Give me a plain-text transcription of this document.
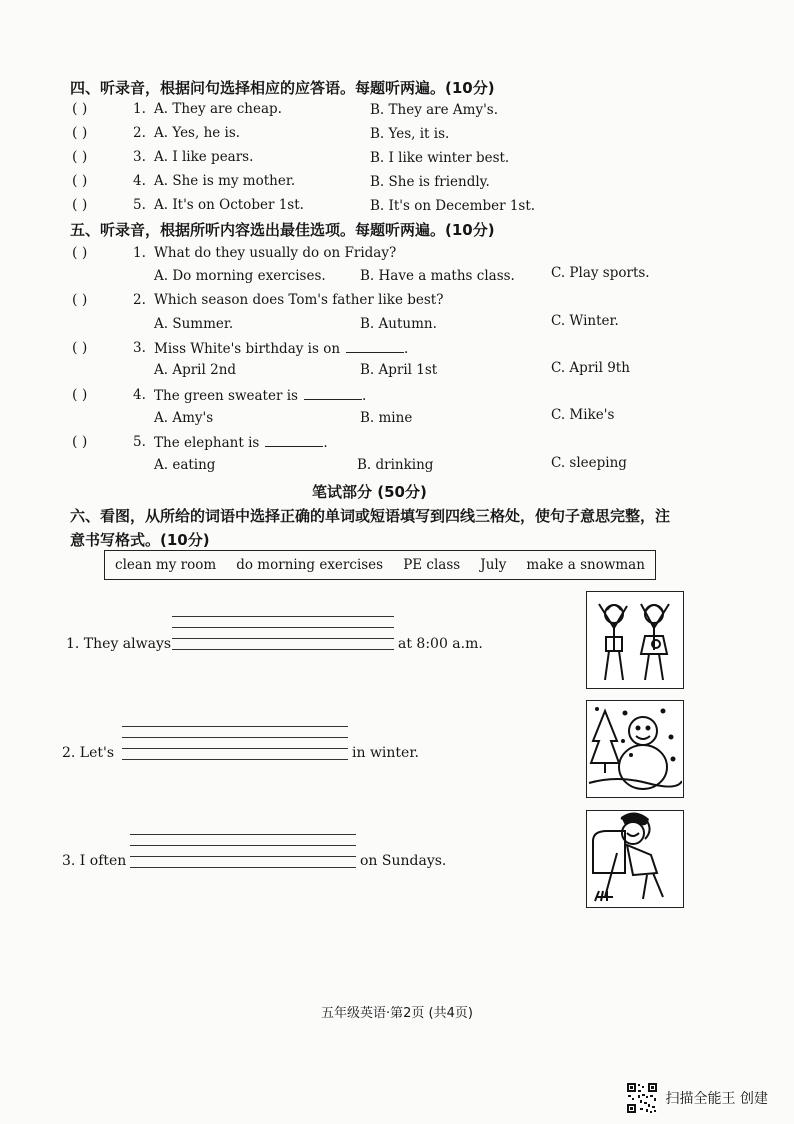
四、听录音，根据问句选择相应的应答语。每题听两遍。(10分)
( )	1. A. They are cheap.	B. They are Amy's.
( )	2. A. Yes, he is.	B. Yes, it is.
( )	3. A. I like pears.	B. I like winter best.
( )	4. A. She is my mother.	B. She is friendly.
( )	5. A. It's on October 1st.	B. It's on December 1st.
五、听录音，根据所听内容选出最佳选项。每题听两遍。(10分)
( )	1. What do they usually do on Friday?
A. Do morning exercises.	B. Have a maths class.	C. Play sports.
( )	2. Which season does Tom's father like best?
A. Summer.	B. Autumn.	C. Winter.
( )	3. Miss White's birthday is on	.
A. April 2nd	B. April 1st	C. April 9th
( )	4. The green sweater is	.
A. Amy's	B. mine	C. Mike's
( )	5. The elephant is	.
A. eating	B. drinking	C. sleeping
笔试部分 (50分)
六、看图，从所给的词语中选择正确的单词或短语填写到四线三格处，使句子意思完整，注
意书写格式。(10分)
clean my room do morning exercises PE class July make a snowman
1. They always	at 8:00 a.m.
2. Let's	in winter.
3. I often	on Sundays.
五年级英语·第2页 (共4页)
扫描全能王 创建
